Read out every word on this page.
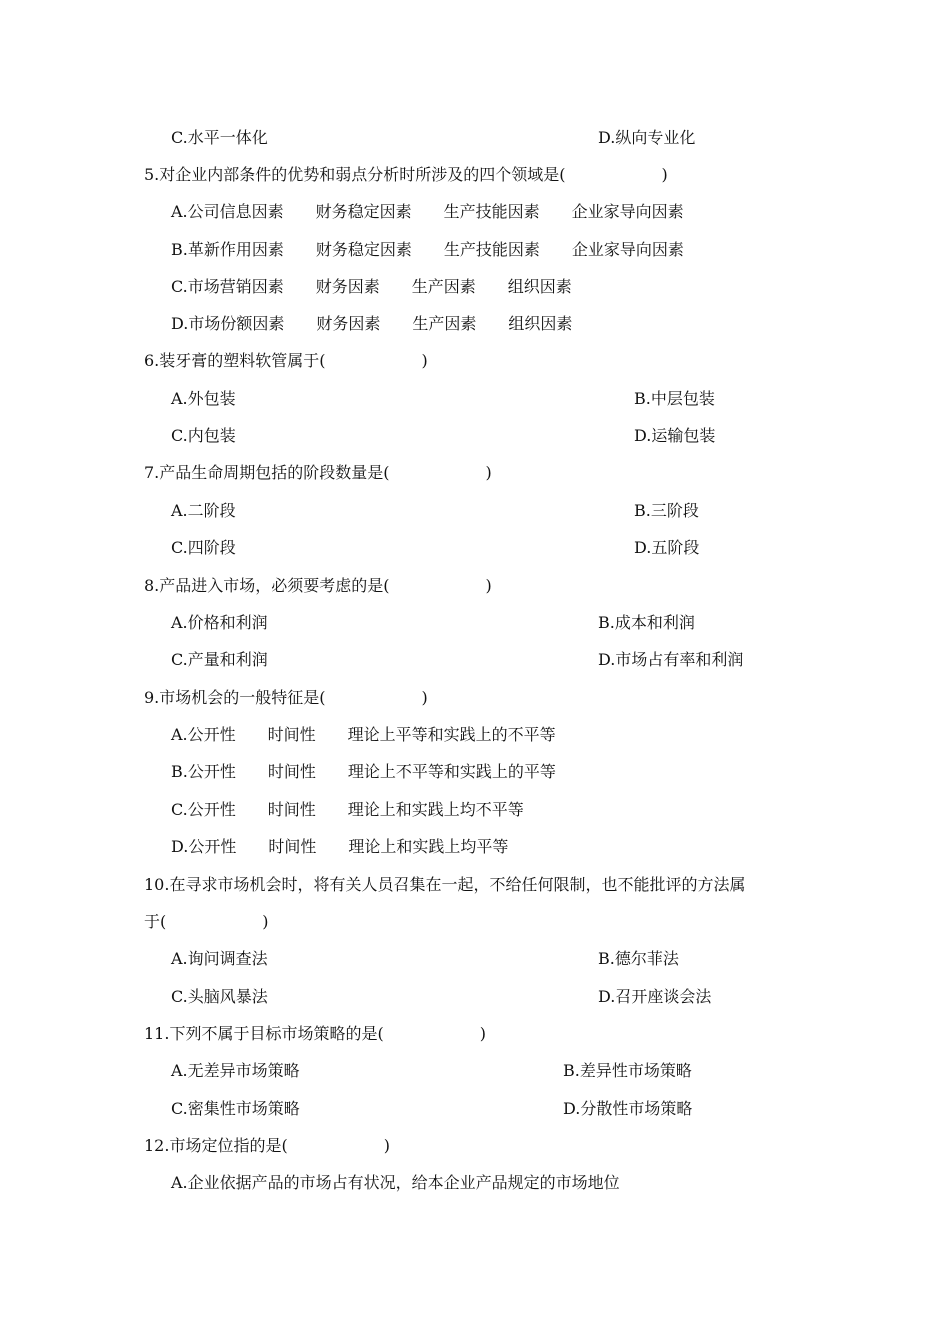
C.水平一体化	D.纵向专业化
5.对企业内部条件的优势和弱点分析时所涉及的四个领域是(　　　　　　)
A.公司信息因素　　财务稳定因素　　生产技能因素　　企业家导向因素
B.革新作用因素　　财务稳定因素　　生产技能因素　　企业家导向因素
C.市场营销因素　　财务因素　　生产因素　　组织因素
D.市场份额因素　　财务因素　　生产因素　　组织因素
6.装牙膏的塑料软管属于(　　　　　　)
A.外包装	B.中层包装
C.内包装	D.运输包装
7.产品生命周期包括的阶段数量是(　　　　　　)
A.二阶段	B.三阶段
C.四阶段	D.五阶段
8.产品进入市场，必须要考虑的是(　　　　　　)
A.价格和利润	B.成本和利润
C.产量和利润	D.市场占有率和利润
9.市场机会的一般特征是(　　　　　　)
A.公开性　　时间性　　理论上平等和实践上的不平等
B.公开性　　时间性　　理论上不平等和实践上的平等
C.公开性　　时间性　　理论上和实践上均不平等
D.公开性　　时间性　　理论上和实践上均平等
10.在寻求市场机会时，将有关人员召集在一起，不给任何限制，也不能批评的方法属
于(　　　　　　)
A.询问调查法	B.德尔菲法
C.头脑风暴法	D.召开座谈会法
11.下列不属于目标市场策略的是(　　　　　　)
A.无差异市场策略	B.差异性市场策略
C.密集性市场策略	D.分散性市场策略
12.市场定位指的是(　　　　　　)
A.企业依据产品的市场占有状况，给本企业产品规定的市场地位
